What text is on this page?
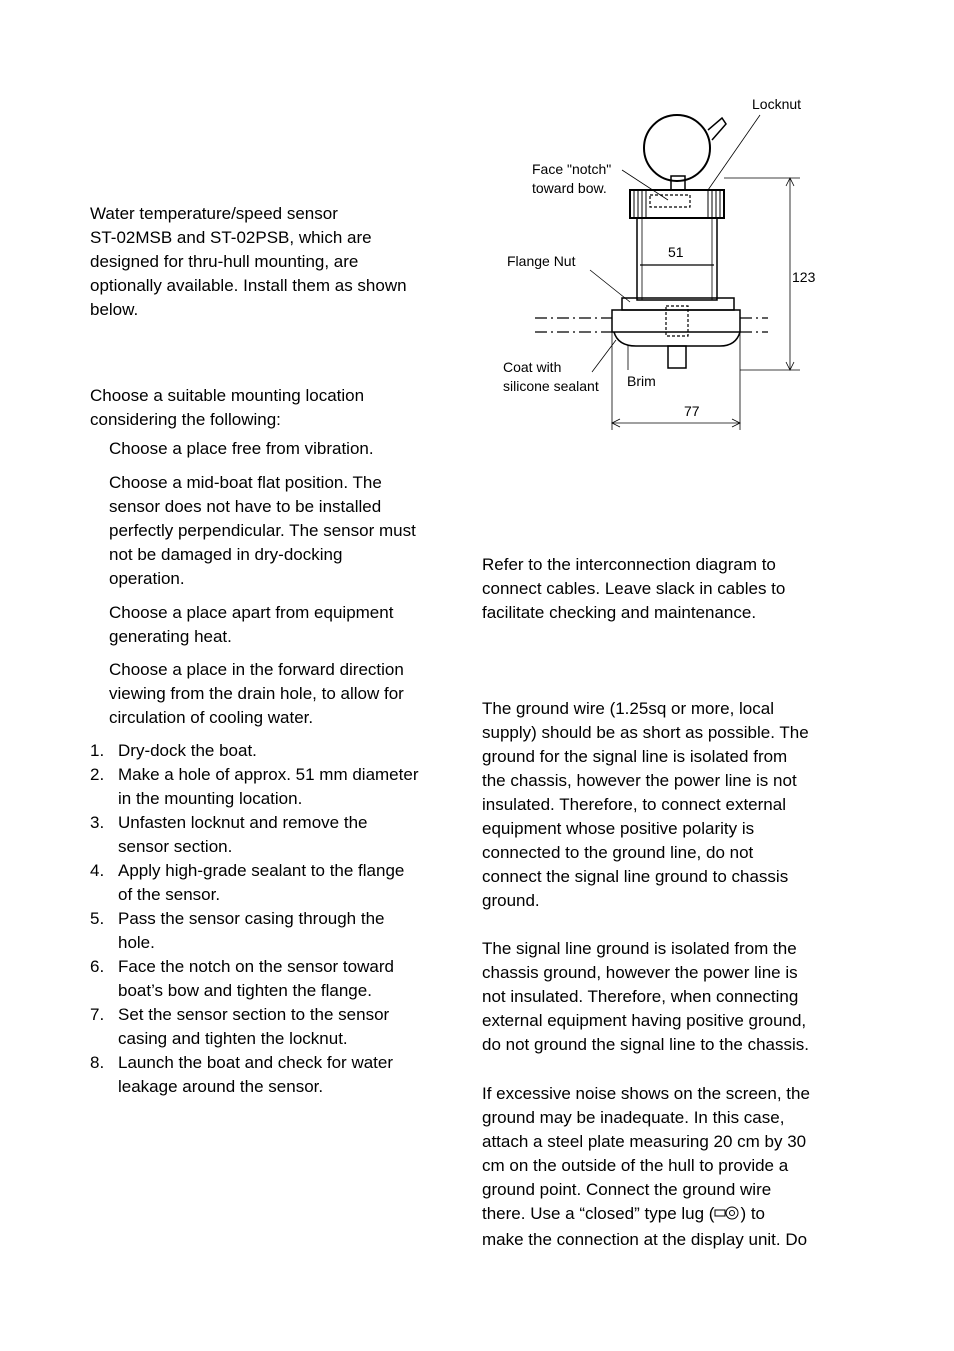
Water temperature/speed sensor
ST-02MSB and ST-02PSB, which are
designed for thru-hull mounting, are
optionally available. Install them as shown
below.
Choose a suitable mounting location
considering the following:
Choose a place free from vibration.
Choose a mid-boat flat position. The
sensor does not have to be installed
perfectly perpendicular. The sensor must
not be damaged in dry-docking
operation.
Choose a place apart from equipment
generating heat.
Choose a place in the forward direction
viewing from the drain hole, to allow for
circulation of cooling water.
1. Dry-dock the boat.
2. Make a hole of approx. 51 mm diameter
in the mounting location.
3. Unfasten locknut and remove the
sensor section.
4. Apply high-grade sealant to the flange
of the sensor.
5. Pass the sensor casing through the
hole.
6. Face the notch on the sensor toward
boat’s bow and tighten the flange.
7. Set the sensor section to the sensor
casing and tighten the locknut.
8. Launch the boat and check for water
leakage around the sensor.
Locknut
Face "notch"
toward bow.
Flange Nut
51
123
Coat with
silicone sealant Brim
77
Refer to the interconnection diagram to
connect cables. Leave slack in cables to
facilitate checking and maintenance.
The ground wire (1.25sq or more, local
supply) should be as short as possible. The
ground for the signal line is isolated from
the chassis, however the power line is not
insulated. Therefore, to connect external
equipment whose positive polarity is
connected to the ground line, do not
connect the signal line ground to chassis
ground.
The signal line ground is isolated from the
chassis ground, however the power line is
not insulated. Therefore, when connecting
external equipment having positive ground,
do not ground the signal line to the chassis.
If excessive noise shows on the screen, the
ground may be inadequate. In this case,
attach a steel plate measuring 20 cm by 30
cm on the outside of the hull to provide a
ground point. Connect the ground wire
there. Use a “closed” type lug ( ) to
make the connection at the display unit. Do
